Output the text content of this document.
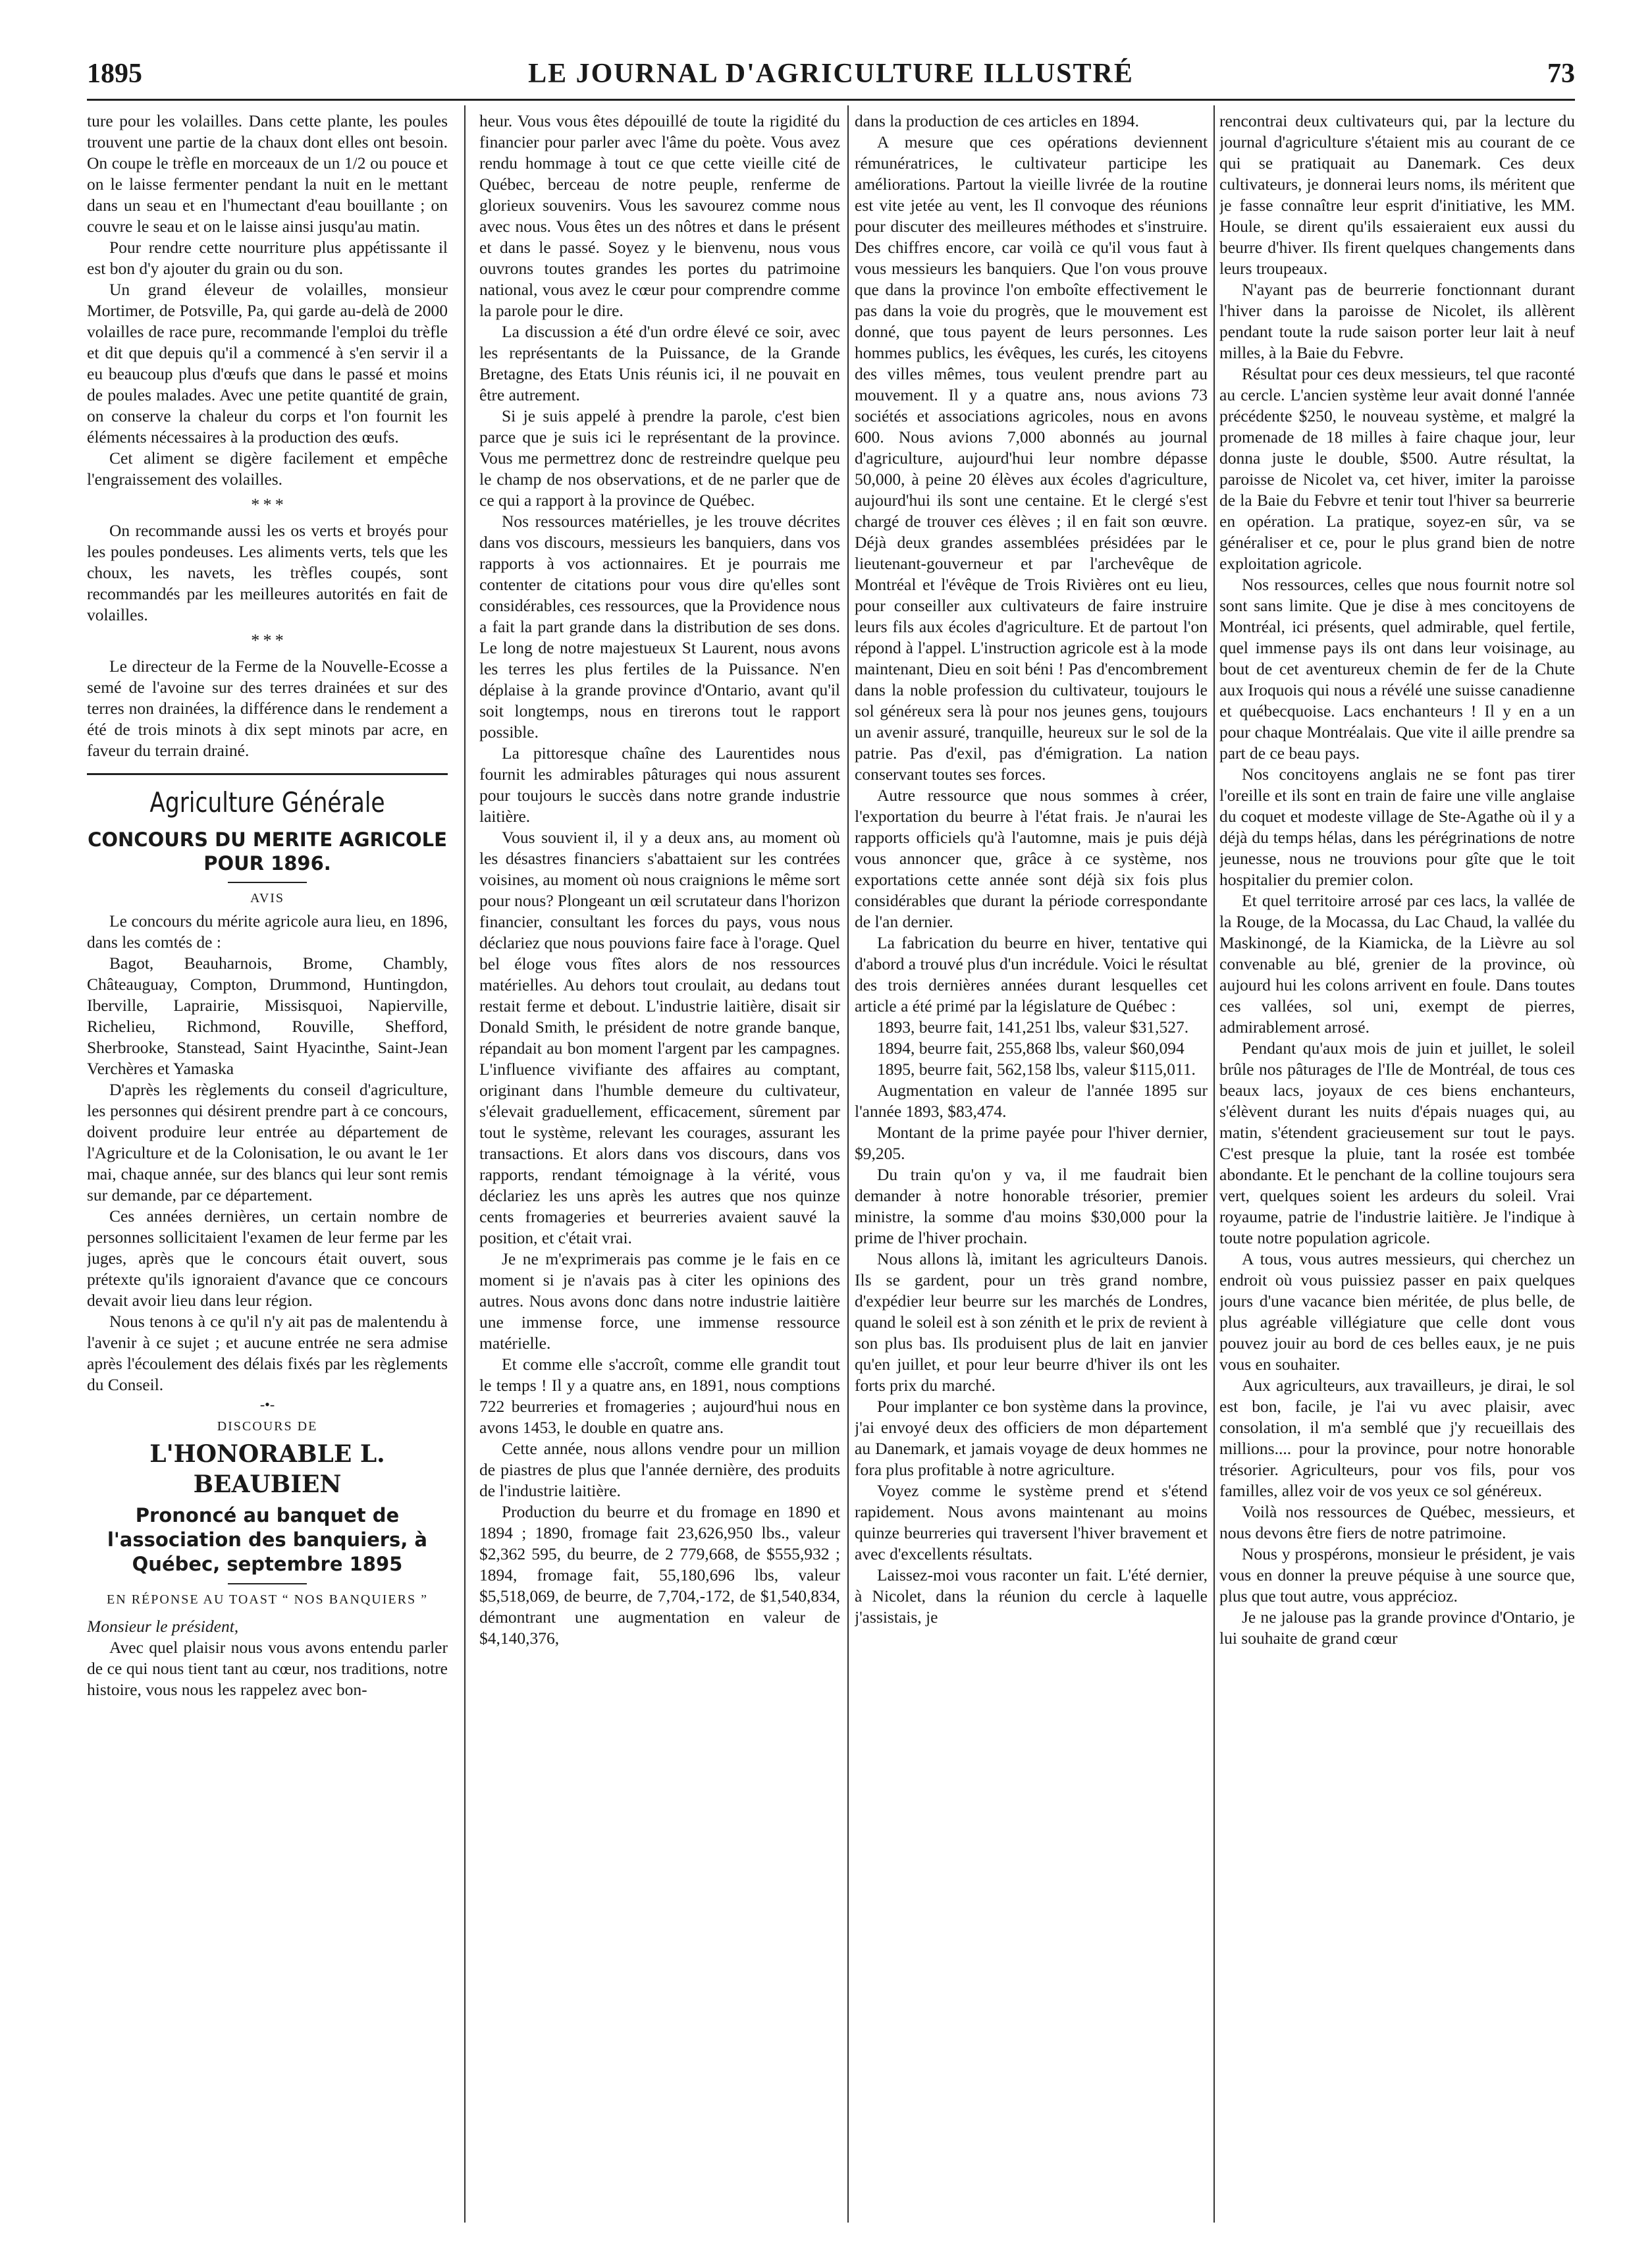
1895	LE JOURNAL D'AGRICULTURE ILLUSTRÉ	73

ture pour les volailles. Dans cette plante, les poules trouvent une partie de la chaux dont elles ont besoin. On coupe le trèfle en morceaux de un 1/2 ou pouce et on le laisse fermenter pendant la nuit en le mettant dans un seau et en l'humectant d'eau bouillante ; on couvre le seau et on le laisse ainsi jusqu'au matin.

Pour rendre cette nourriture plus appétissante il est bon d'y ajouter du grain ou du son.

Un grand éleveur de volailles, monsieur Mortimer, de Potsville, Pa, qui garde au-delà de 2000 volailles de race pure, recommande l'emploi du trèfle et dit que depuis qu'il a commencé à s'en servir il a eu beaucoup plus d'œufs que dans le passé et moins de poules malades. Avec une petite quantité de grain, on conserve la chaleur du corps et l'on fournit les éléments nécessaires à la production des œufs.

Cet aliment se digère facilement et empêche l'engraissement des volailles.

* * *

On recommande aussi les os verts et broyés pour les poules pondeuses. Les aliments verts, tels que les choux, les navets, les trèfles coupés, sont recommandés par les meilleures autorités en fait de volailles.

* * *

Le directeur de la Ferme de la Nouvelle-Ecosse a semé de l'avoine sur des terres drainées et sur des terres non drainées, la différence dans le rendement a été de trois minots à dix sept minots par acre, en faveur du terrain drainé.

Agriculture Générale
CONCOURS DU MERITE AGRICOLE POUR 1896.
AVIS

Le concours du mérite agricole aura lieu, en 1896, dans les comtés de :

Bagot, Beauharnois, Brome, Chambly, Châteauguay, Compton, Drummond, Huntingdon, Iberville, Laprairie, Missisquoi, Napierville, Richelieu, Richmond, Rouville, Shefford, Sherbrooke, Stanstead, Saint Hyacinthe, Saint-Jean Verchères et Yamaska

D'après les règlements du conseil d'agriculture, les personnes qui désirent prendre part à ce concours, doivent produire leur entrée au département de l'Agriculture et de la Colonisation, le ou avant le 1er mai, chaque année, sur des blancs qui leur sont remis sur demande, par ce département.

Ces années dernières, un certain nombre de personnes sollicitaient l'examen de leur ferme par les juges, après que le concours était ouvert, sous prétexte qu'ils ignoraient d'avance que ce concours devait avoir lieu dans leur région.

Nous tenons à ce qu'il n'y ait pas de malentendu à l'avenir à ce sujet ; et aucune entrée ne sera admise après l'écoulement des délais fixés par les règlements du Conseil.

-•-
DISCOURS DE
L'HONORABLE L. BEAUBIEN
Prononcé au banquet de l'association des banquiers, à Québec, septembre 1895
EN RÉPONSE AU TOAST “ NOS BANQUIERS ”

Monsieur le président,

Avec quel plaisir nous vous avons entendu parler de ce qui nous tient tant au cœur, nos traditions, notre histoire, vous nous les rappelez avec bon-

heur. Vous vous êtes dépouillé de toute la rigidité du financier pour parler avec l'âme du poète. Vous avez rendu hommage à tout ce que cette vieille cité de Québec, berceau de notre peuple, renferme de glorieux souvenirs. Vous les savourez comme nous avec nous. Vous êtes un des nôtres et dans le présent et dans le passé. Soyez y le bienvenu, nous vous ouvrons toutes grandes les portes du patrimoine national, vous avez le cœur pour comprendre comme la parole pour le dire.

La discussion a été d'un ordre élevé ce soir, avec les représentants de la Puissance, de la Grande Bretagne, des Etats Unis réunis ici, il ne pouvait en être autrement.

Si je suis appelé à prendre la parole, c'est bien parce que je suis ici le représentant de la province. Vous me permettrez donc de restreindre quelque peu le champ de nos observations, et de ne parler que de ce qui a rapport à la province de Québec.

Nos ressources matérielles, je les trouve décrites dans vos discours, messieurs les banquiers, dans vos rapports à vos actionnaires. Et je pourrais me contenter de citations pour vous dire qu'elles sont considérables, ces ressources, que la Providence nous a fait la part grande dans la distribution de ses dons. Le long de notre majestueux St Laurent, nous avons les terres les plus fertiles de la Puissance. N'en déplaise à la grande province d'Ontario, avant qu'il soit longtemps, nous en tirerons tout le rapport possible.

La pittoresque chaîne des Laurentides nous fournit les admirables pâturages qui nous assurent pour toujours le succès dans notre grande industrie laitière.

Vous souvient il, il y a deux ans, au moment où les désastres financiers s'abattaient sur les contrées voisines, au moment où nous craignions le même sort pour nous? Plongeant un œil scrutateur dans l'horizon financier, consultant les forces du pays, vous nous déclariez que nous pouvions faire face à l'orage. Quel bel éloge vous fîtes alors de nos ressources matérielles. Au dehors tout croulait, au dedans tout restait ferme et debout. L'industrie laitière, disait sir Donald Smith, le président de notre grande banque, répandait au bon moment l'argent par les campagnes. L'influence vivifiante des affaires au comptant, originant dans l'humble demeure du cultivateur, s'élevait graduellement, efficacement, sûrement par tout le système, relevant les courages, assurant les transactions. Et alors dans vos discours, dans vos rapports, rendant témoignage à la vérité, vous déclariez les uns après les autres que nos quinze cents fromageries et beurreries avaient sauvé la position, et c'était vrai.

Je ne m'exprimerais pas comme je le fais en ce moment si je n'avais pas à citer les opinions des autres. Nous avons donc dans notre industrie laitière une immense force, une immense ressource matérielle.

Et comme elle s'accroît, comme elle grandit tout le temps ! Il y a quatre ans, en 1891, nous comptions 722 beurreries et fromageries ; aujourd'hui nous en avons 1453, le double en quatre ans.

Cette année, nous allons vendre pour un million de piastres de plus que l'année dernière, des produits de l'industrie laitière.

Production du beurre et du fromage en 1890 et 1894 ; 1890, fromage fait 23,626,950 lbs., valeur $2,362 595, du beurre, de 2 779,668, de $555,932 ; 1894, fromage fait, 55,180,696 lbs, valeur $5,518,069, de beurre, de 7,704,-172, de $1,540,834, démontrant une augmentation en valeur de $4,140,376,

dans la production de ces articles en 1894.

A mesure que ces opérations deviennent rémunératrices, le cultivateur participe les améliorations. Partout la vieille livrée de la routine est vite jetée au vent, les Il convoque des réunions pour discuter des meilleures méthodes et s'instruire. Des chiffres encore, car voilà ce qu'il vous faut à vous messieurs les banquiers. Que l'on vous prouve que dans la province l'on emboîte effectivement le pas dans la voie du progrès, que le mouvement est donné, que tous payent de leurs personnes. Les hommes publics, les évêques, les curés, les citoyens des villes mêmes, tous veulent prendre part au mouvement. Il y a quatre ans, nous avions 73 sociétés et associations agricoles, nous en avons 600. Nous avions 7,000 abonnés au journal d'agriculture, aujourd'hui leur nombre dépasse 50,000, à peine 20 élèves aux écoles d'agriculture, aujourd'hui ils sont une centaine. Et le clergé s'est chargé de trouver ces élèves ; il en fait son œuvre. Déjà deux grandes assemblées présidées par le lieutenant-gouverneur et par l'archevêque de Montréal et l'évêque de Trois Rivières ont eu lieu, pour conseiller aux cultivateurs de faire instruire leurs fils aux écoles d'agriculture. Et de partout l'on répond à l'appel. L'instruction agricole est à la mode maintenant, Dieu en soit béni ! Pas d'encombrement dans la noble profession du cultivateur, toujours le sol généreux sera là pour nos jeunes gens, toujours un avenir assuré, tranquille, heureux sur le sol de la patrie. Pas d'exil, pas d'émigration. La nation conservant toutes ses forces.

Autre ressource que nous sommes à créer, l'exportation du beurre à l'état frais. Je n'aurai les rapports officiels qu'à l'automne, mais je puis déjà vous annoncer que, grâce à ce système, nos exportations cette année sont déjà six fois plus considérables que durant la période correspondante de l'an dernier.

La fabrication du beurre en hiver, tentative qui d'abord a trouvé plus d'un incrédule. Voici le résultat des trois dernières années durant lesquelles cet article a été primé par la législature de Québec :

1893, beurre fait, 141,251 lbs, valeur $31,527.

1894, beurre fait, 255,868 lbs, valeur $60,094

1895, beurre fait, 562,158 lbs, valeur $115,011.

Augmentation en valeur de l'année 1895 sur l'année 1893, $83,474.

Montant de la prime payée pour l'hiver dernier, $9,205.

Du train qu'on y va, il me faudrait bien demander à notre honorable trésorier, premier ministre, la somme d'au moins $30,000 pour la prime de l'hiver prochain.

Nous allons là, imitant les agriculteurs Danois. Ils se gardent, pour un très grand nombre, d'expédier leur beurre sur les marchés de Londres, quand le soleil est à son zénith et le prix de revient à son plus bas. Ils produisent plus de lait en janvier qu'en juillet, et pour leur beurre d'hiver ils ont les forts prix du marché.

Pour implanter ce bon système dans la province, j'ai envoyé deux des officiers de mon département au Danemark, et jamais voyage de deux hommes ne fora plus profitable à notre agriculture.

Voyez comme le système prend et s'étend rapidement. Nous avons maintenant au moins quinze beurreries qui traversent l'hiver bravement et avec d'excellents résultats.

Laissez-moi vous raconter un fait. L'été dernier, à Nicolet, dans la réunion du cercle à laquelle j'assistais, je

rencontrai deux cultivateurs qui, par la lecture du journal d'agriculture s'étaient mis au courant de ce qui se pratiquait au Danemark. Ces deux cultivateurs, je donnerai leurs noms, ils méritent que je fasse connaître leur esprit d'initiative, les MM. Houle, se dirent qu'ils essaieraient eux aussi du beurre d'hiver. Ils firent quelques changements dans leurs troupeaux.

N'ayant pas de beurrerie fonctionnant durant l'hiver dans la paroisse de Nicolet, ils allèrent pendant toute la rude saison porter leur lait à neuf milles, à la Baie du Febvre.

Résultat pour ces deux messieurs, tel que raconté au cercle. L'ancien système leur avait donné l'année précédente $250, le nouveau système, et malgré la promenade de 18 milles à faire chaque jour, leur donna juste le double, $500. Autre résultat, la paroisse de Nicolet va, cet hiver, imiter la paroisse de la Baie du Febvre et tenir tout l'hiver sa beurrerie en opération. La pratique, soyez-en sûr, va se généraliser et ce, pour le plus grand bien de notre exploitation agricole.

Nos ressources, celles que nous fournit notre sol sont sans limite. Que je dise à mes concitoyens de Montréal, ici présents, quel admirable, quel fertile, quel immense pays ils ont dans leur voisinage, au bout de cet aventureux chemin de fer de la Chute aux Iroquois qui nous a révélé une suisse canadienne et québecquoise. Lacs enchanteurs ! Il y en a un pour chaque Montréalais. Que vite il aille prendre sa part de ce beau pays.

Nos concitoyens anglais ne se font pas tirer l'oreille et ils sont en train de faire une ville anglaise du coquet et modeste village de Ste-Agathe où il y a déjà du temps hélas, dans les pérégrinations de notre jeunesse, nous ne trouvions pour gîte que le toit hospitalier du premier colon.

Et quel territoire arrosé par ces lacs, la vallée de la Rouge, de la Mocassa, du Lac Chaud, la vallée du Maskinongé, de la Kiamicka, de la Lièvre au sol convenable au blé, grenier de la province, où aujourd hui les colons arrivent en foule. Dans toutes ces vallées, sol uni, exempt de pierres, admirablement arrosé.

Pendant qu'aux mois de juin et juillet, le soleil brûle nos pâturages de l'Ile de Montréal, de tous ces beaux lacs, joyaux de ces biens enchanteurs, s'élèvent durant les nuits d'épais nuages qui, au matin, s'étendent gracieusement sur tout le pays. C'est presque la pluie, tant la rosée est tombée abondante. Et le penchant de la colline toujours sera vert, quelques soient les ardeurs du soleil. Vrai royaume, patrie de l'industrie laitière. Je l'indique à toute notre population agricole.

A tous, vous autres messieurs, qui cherchez un endroit où vous puissiez passer en paix quelques jours d'une vacance bien méritée, de plus belle, de plus agréable villégiature que celle dont vous pouvez jouir au bord de ces belles eaux, je ne puis vous en souhaiter.

Aux agriculteurs, aux travailleurs, je dirai, le sol est bon, facile, je l'ai vu avec plaisir, avec consolation, il m'a semblé que j'y recueillais des millions.... pour la province, pour notre honorable trésorier. Agriculteurs, pour vos fils, pour vos familles, allez voir de vos yeux ce sol généreux.

Voilà nos ressources de Québec, messieurs, et nous devons être fiers de notre patrimoine.

Nous y prospérons, monsieur le président, je vais vous en donner la preuve péquise à une source que, plus que tout autre, vous apprécioz.

Je ne jalouse pas la grande province d'Ontario, je lui souhaite de grand cœur
